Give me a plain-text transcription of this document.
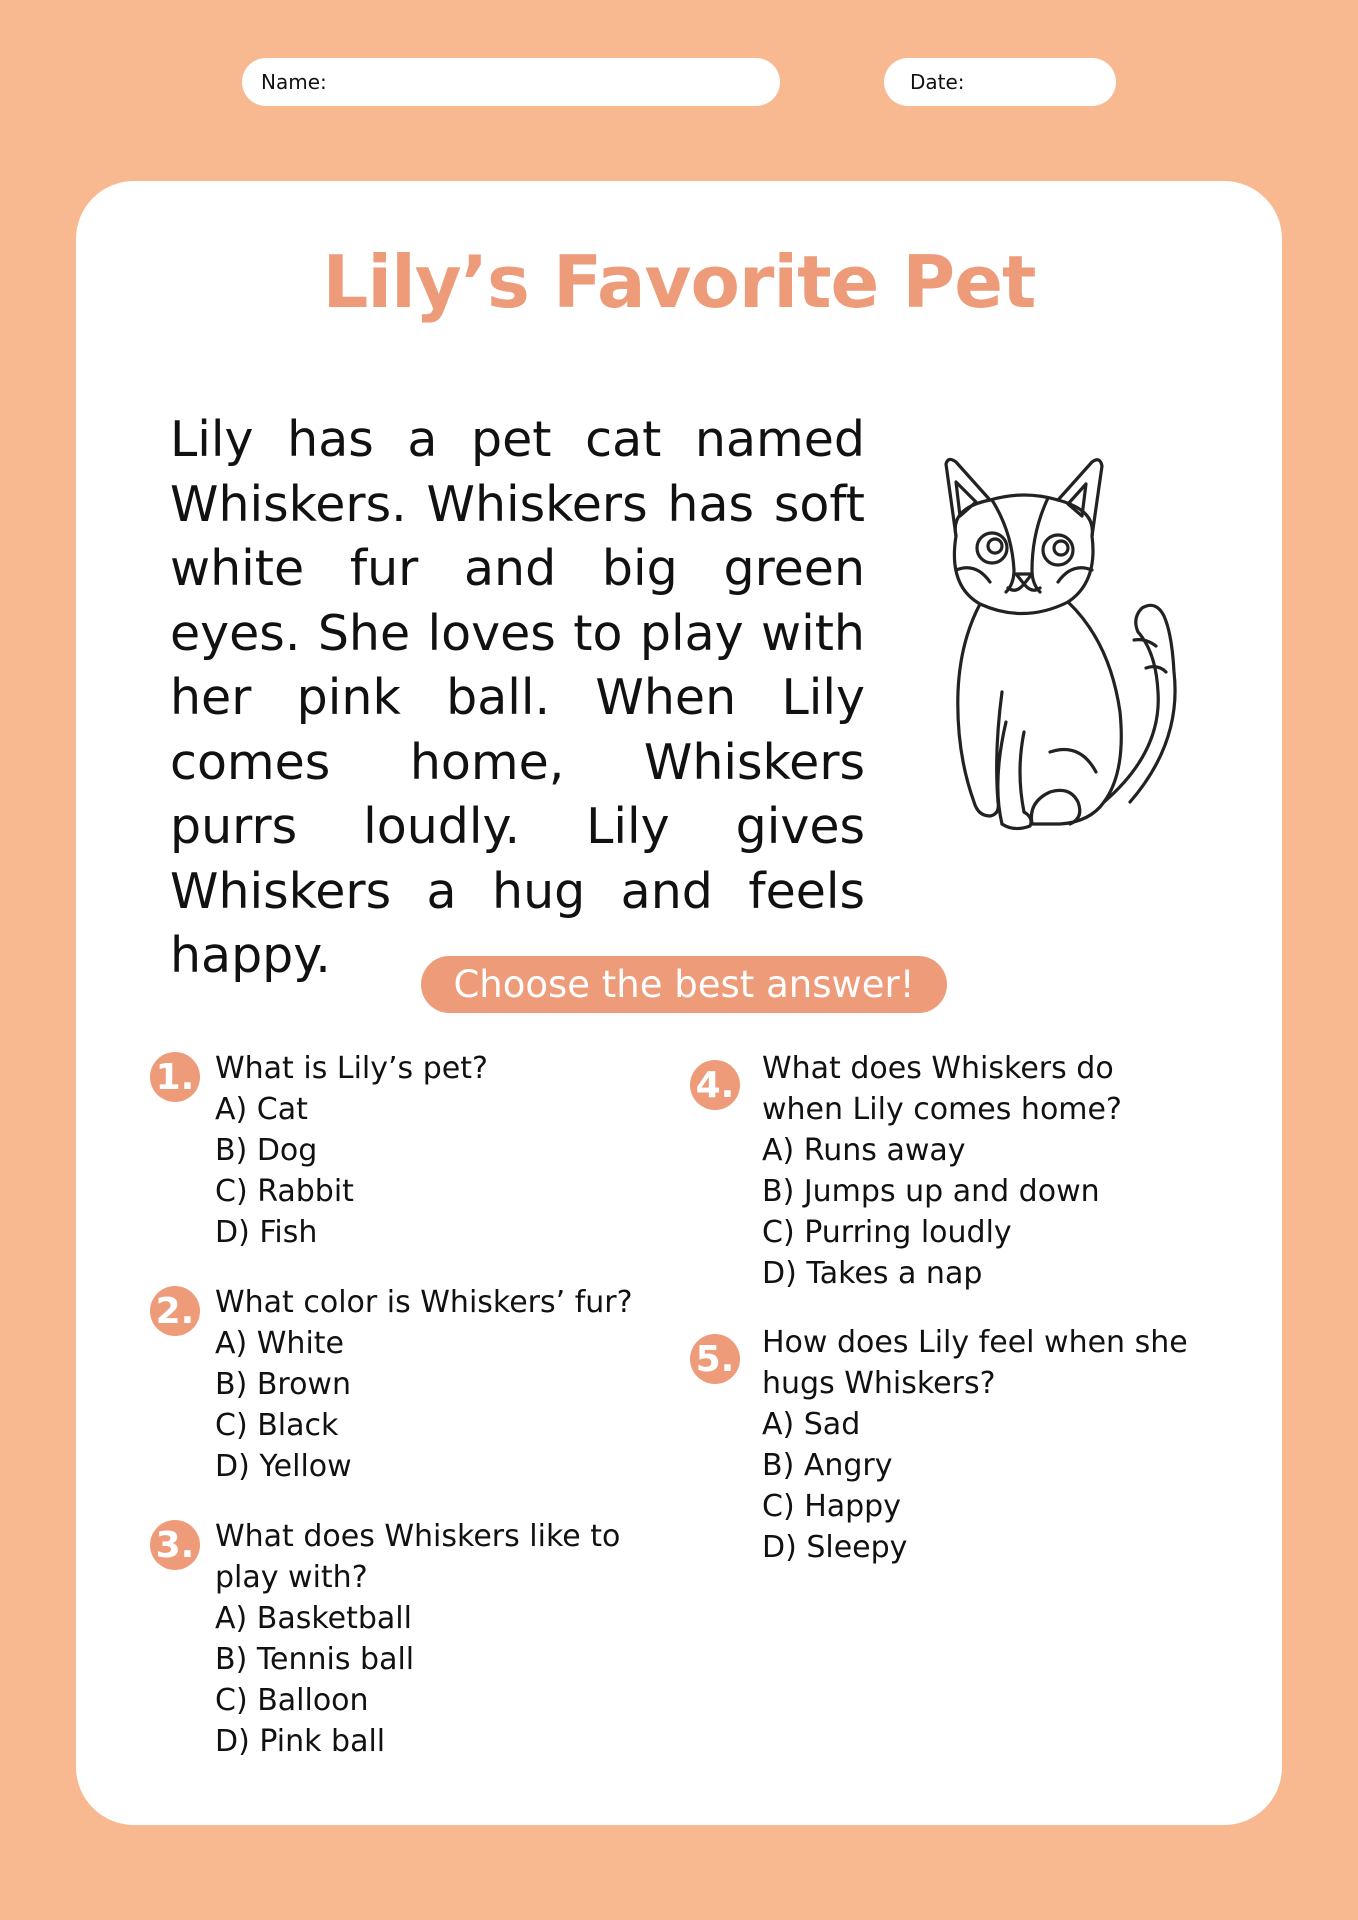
Name:	Date:
Lily’s Favorite Pet
Lily has a pet cat named Whiskers. Whiskers has soft white fur and big green eyes. She loves to play with her pink ball. When Lily comes home, Whiskers purrs loudly. Lily gives Whiskers a hug and feels happy.
Choose the best answer!
1. What is Lily’s pet?
A) Cat
B) Dog
C) Rabbit
D) Fish
2. What color is Whiskers’ fur?
A) White
B) Brown
C) Black
D) Yellow
3. What does Whiskers like to
play with?
A) Basketball
B) Tennis ball
C) Balloon
D) Pink ball
4. What does Whiskers do
when Lily comes home?
A) Runs away
B) Jumps up and down
C) Purring loudly
D) Takes a nap
5. How does Lily feel when she
hugs Whiskers?
A) Sad
B) Angry
C) Happy
D) Sleepy
